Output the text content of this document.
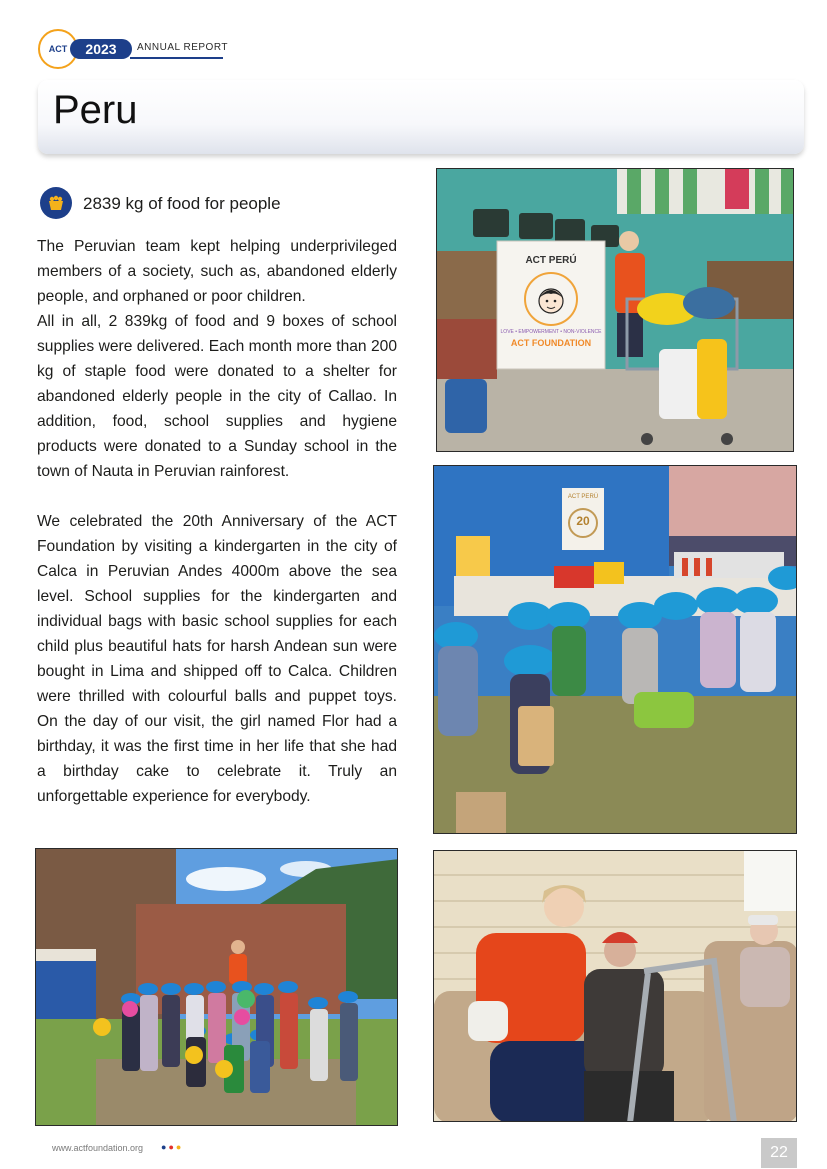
ACT	2023	ANNUAL REPORT
Peru
2839 kg of food for people

The Peruvian team kept helping underprivileged members of a society, such as, abandoned elderly people, and orphaned or poor children.

All in all, 2 839kg of food and 9 boxes of school supplies were delivered. Each month more than 200 kg of staple food were donated to a shelter for abandoned elderly people in the city of Callao. In addition, food, school supplies and hygiene products were donated to a Sunday school in the town of Nauta in Peruvian rainforest.

We celebrated the 20th Anniversary of the ACT Foundation by visiting a kindergarten in the city of Calca in Peruvian Andes 4000m above the sea level. School supplies for the kindergarten and individual bags with basic school supplies for each child plus beautiful hats for harsh Andean sun were bought in Lima and shipped off to Calca. Children were thrilled with colourful balls and puppet toys. On the day of our visit, the girl named Flor had a birthday, it was the first time in her life that she had a birthday cake to celebrate it. Truly an unforgettable experience for everybody.

ACT PERÚ
LOVE • EMPOWERMENT • NON-VIOLENCE
ACT FOUNDATION
ACT PERÚ
20
www.actfoundation.org ●●●	22
